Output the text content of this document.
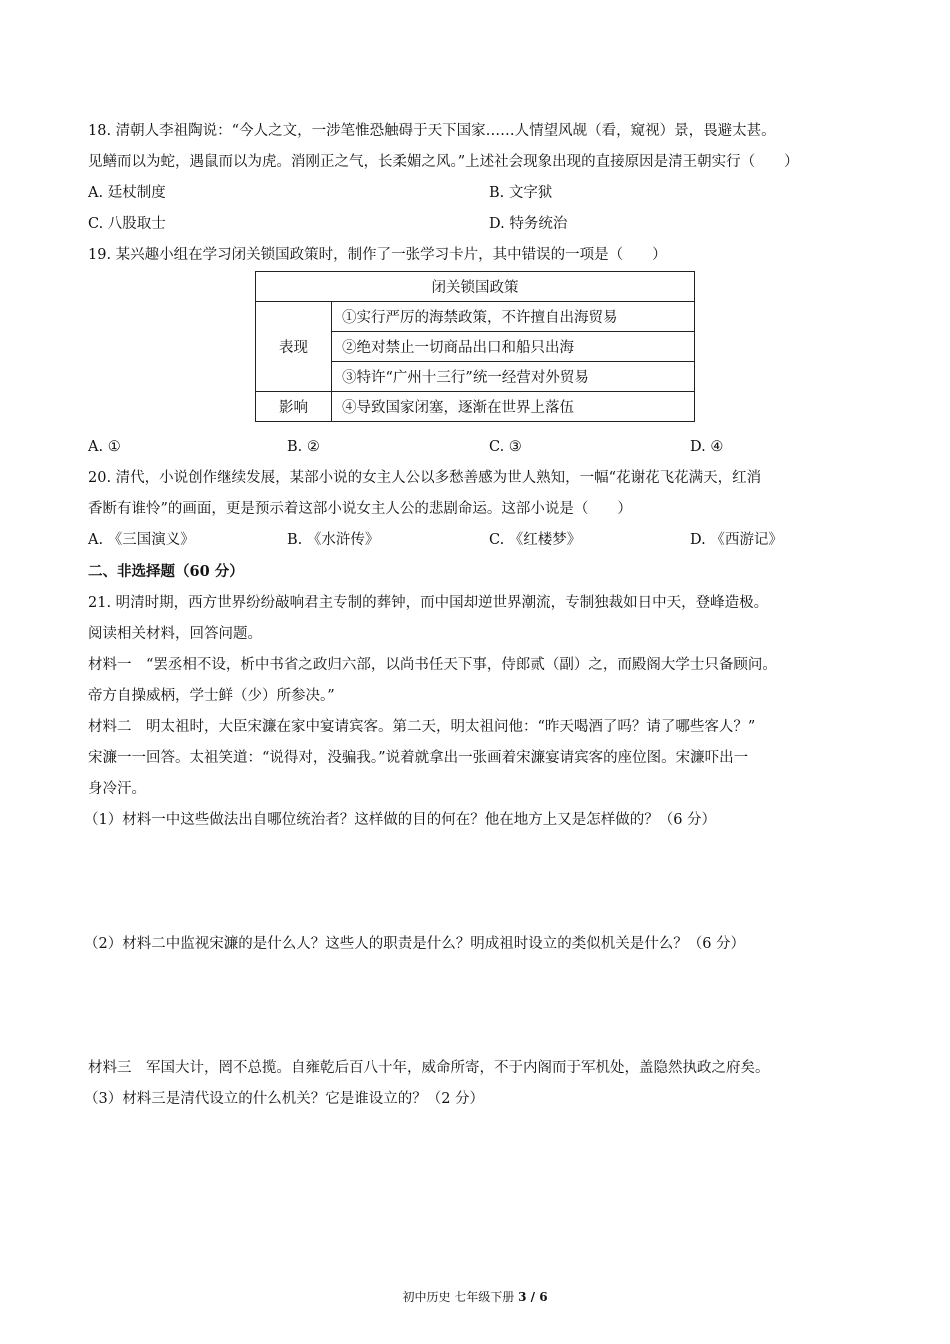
18. 清朝人李祖陶说：“今人之文，一涉笔惟恐触碍于天下国家……人情望风觇（看，窥视）景，畏避太甚。
见鳝而以为蛇，遇鼠而以为虎。消刚正之气，长柔媚之风。”上述社会现象出现的直接原因是清王朝实行（　　）
A. 廷杖制度	B. 文字狱
C. 八股取士	D. 特务统治
19. 某兴趣小组在学习闭关锁国政策时，制作了一张学习卡片，其中错误的一项是（　　）
闭关锁国政策	
表现	①实行严厉的海禁政策，不许擅自出海贸易
	②绝对禁止一切商品出口和船只出海
	③特许“广州十三行”统一经营对外贸易
影响	④导致国家闭塞，逐渐在世界上落伍
A. ①	B. ②	C. ③	D. ④
20. 清代，小说创作继续发展，某部小说的女主人公以多愁善感为世人熟知，一幅“花谢花飞花满天，红消
香断有谁怜”的画面，更是预示着这部小说女主人公的悲剧命运。这部小说是（　　）
A. 《三国演义》	B. 《水浒传》	C. 《红楼梦》	D. 《西游记》
二、非选择题（60 分）
21. 明清时期，西方世界纷纷敲响君主专制的葬钟，而中国却逆世界潮流，专制独裁如日中天，登峰造极。
阅读相关材料，回答问题。
材料一　“罢丞相不设，析中书省之政归六部，以尚书任天下事，侍郎贰（副）之，而殿阁大学士只备顾问。
帝方自操威柄，学士鲜（少）所参决。”
材料二　明太祖时，大臣宋濂在家中宴请宾客。第二天，明太祖问他：“昨天喝酒了吗？请了哪些客人？”
宋濂一一回答。太祖笑道：“说得对，没骗我。”说着就拿出一张画着宋濂宴请宾客的座位图。宋濂吓出一
身冷汗。
（1）材料一中这些做法出自哪位统治者？这样做的目的何在？他在地方上又是怎样做的？（6 分）
（2）材料二中监视宋濂的是什么人？这些人的职责是什么？明成祖时设立的类似机关是什么？（6 分）
材料三　军国大计，罔不总揽。自雍乾后百八十年，威命所寄，不于内阁而于军机处，盖隐然执政之府矣。
（3）材料三是清代设立的什么机关？它是谁设立的？（2 分）
初中历史 七年级下册 3 / 6
